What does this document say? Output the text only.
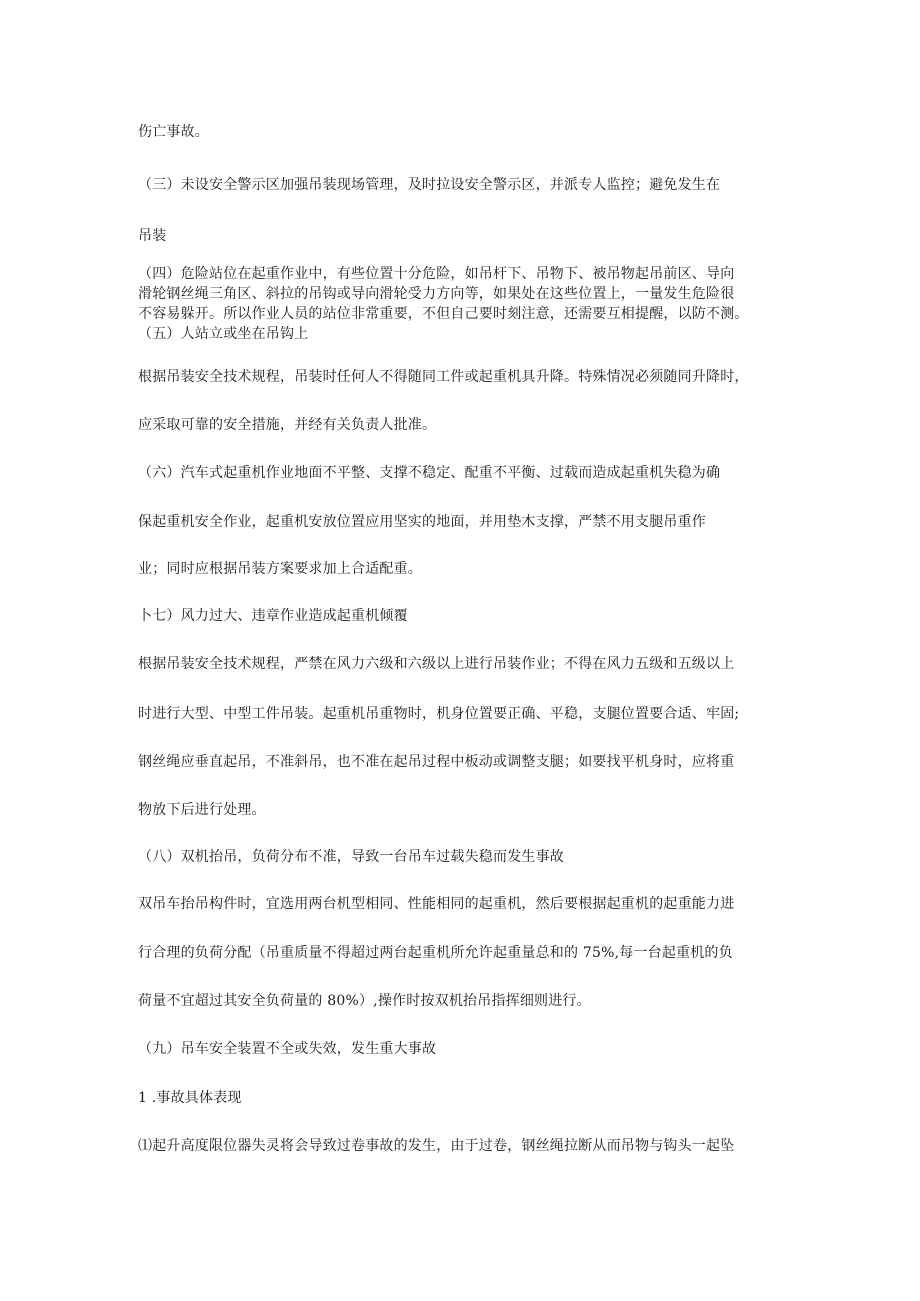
伤亡事故。
（三）未设安全警示区加强吊装现场管理，及时拉设安全警示区，并派专人监控；避免发生在
吊装
（四）危险站位在起重作业中，有些位置十分危险，如吊杆下、吊物下、被吊物起吊前区、导向
滑轮钢丝绳三角区、斜拉的吊钩或导向滑轮受力方向等，如果处在这些位置上，一量发生危险很
不容易躲开。所以作业人员的站位非常重要，不但自己要时刻注意，还需要互相提醒，以防不测。
（五）人站立或坐在吊钩上
根据吊装安全技术规程，吊装时任何人不得随同工件或起重机具升降。特殊情况必须随同升降时，
应采取可靠的安全措施，并经有关负责人批准。
（六）汽车式起重机作业地面不平整、支撑不稳定、配重不平衡、过载而造成起重机失稳为确
保起重机安全作业，起重机安放位置应用坚实的地面，并用垫木支撑，严禁不用支腿吊重作
业；同时应根据吊装方案要求加上合适配重。
卜七）风力过大、违章作业造成起重机倾覆
根据吊装安全技术规程，严禁在风力六级和六级以上进行吊装作业；不得在风力五级和五级以上
时进行大型、中型工件吊装。起重机吊重物时，机身位置要正确、平稳，支腿位置要合适、牢固;
钢丝绳应垂直起吊，不准斜吊，也不准在起吊过程中板动或调整支腿；如要找平机身时，应将重
物放下后进行处理。
（八）双机抬吊，负荷分布不准，导致一台吊车过载失稳而发生事故
双吊车抬吊构件时，宜选用两台机型相同、性能相同的起重机，然后要根据起重机的起重能力进
行合理的负荷分配（吊重质量不得超过两台起重机所允许起重量总和的 75%,每一台起重机的负
荷量不宜超过其安全负荷量的 80%）,操作时按双机抬吊指挥细则进行。
（九）吊车安全装置不全或失效，发生重大事故
1 .事故具体表现
⑴起升高度限位器失灵将会导致过卷事故的发生，由于过卷，钢丝绳拉断从而吊物与钩头一起坠
